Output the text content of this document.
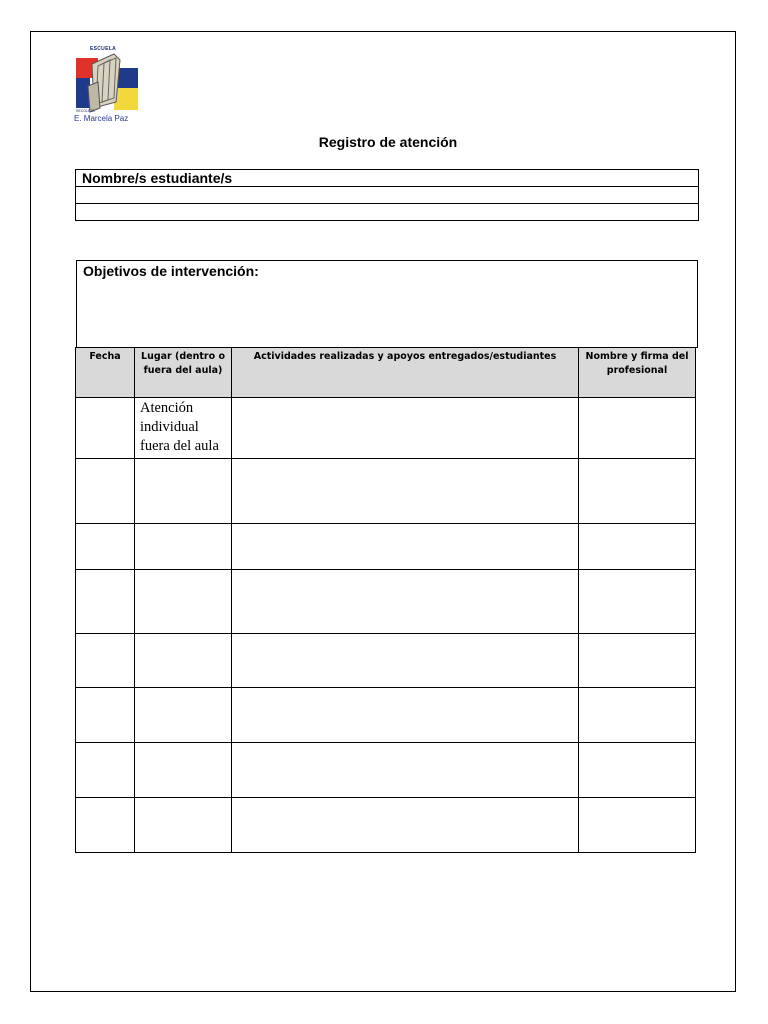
ESCUELA
RECOLETA
E. Marcela Paz
Registro de atención
Nombre/s estudiante/s

Objetivos de intervención:
Fecha	Lugar (dentro o fuera del aula)	Actividades realizadas y apoyos entregados/estudiantes	Nombre y firma del profesional
	Atención individual fuera del aula		
